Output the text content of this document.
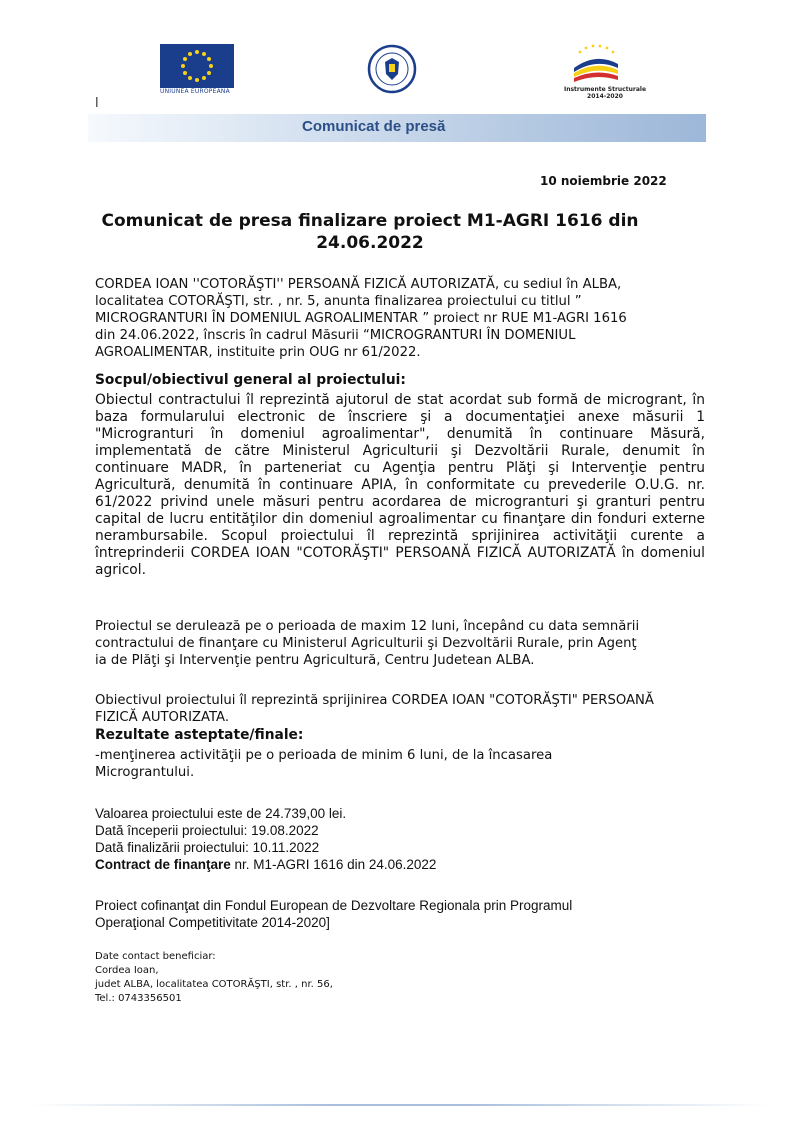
UNIUNEA EUROPEANĂ	Instrumente Structurale
2014-2020
l
Comunicat de presă
10 noiembrie 2022
Comunicat de presa finalizare proiect M1-AGRI 1616 din 24.06.2022
CORDEA IOAN ''COTORĂŞTI'' PERSOANĂ FIZICĂ AUTORIZATĂ, cu sediul în ALBA,
localitatea COTORĂŞTI, str. , nr. 5, anunta finalizarea proiectului cu titlul ”
MICROGRANTURI ÎN DOMENIUL AGROALIMENTAR ” proiect nr RUE M1-AGRI 1616
din 24.06.2022, înscris în cadrul Măsurii “MICROGRANTURI ÎN DOMENIUL
AGROALIMENTAR, instituite prin OUG nr 61/2022.
Socpul/obiectivul general al proiectului:
Obiectul contractului îl reprezintă ajutorul de stat acordat sub formă de microgrant, în baza formularului electronic de înscriere şi a documentaţiei anexe măsurii 1 "Microgranturi în domeniul agroalimentar", denumită în continuare Măsură, implementată de către Ministerul Agriculturii şi Dezvoltării Rurale, denumit în continuare MADR, în parteneriat cu Agenţia pentru Plăţi şi Intervenţie pentru Agricultură, denumită în continuare APIA, în conformitate cu prevederile O.U.G. nr. 61/2022 privind unele măsuri pentru acordarea de microgranturi şi granturi pentru capital de lucru entităţilor din domeniul agroalimentar cu finanţare din fonduri externe nerambursabile. Scopul proiectului îl reprezintă sprijinirea activităţii curente a întreprinderii CORDEA IOAN "COTORĂŞTI" PERSOANĂ FIZICĂ AUTORIZATĂ în domeniul agricol.
Proiectul se derulează pe o perioada de maxim 12 luni, începând cu data semnării
contractului de finanţare cu Ministerul Agriculturii şi Dezvoltării Rurale, prin Agenţ
ia de Plăţi şi Intervenţie pentru Agricultură, Centru Judetean ALBA.
Obiectivul proiectului îl reprezintă sprijinirea CORDEA IOAN "COTORĂŞTI" PERSOANĂ
FIZICĂ AUTORIZATA.
Rezultate asteptate/finale:
-menţinerea activităţii pe o perioada de minim 6 luni, de la încasarea
Micrograntului.
Valoarea proiectului este de 24.739,00 lei.
Dată începerii proiectului: 19.08.2022
Dată finalizării proiectului: 10.11.2022
Contract de finanţare nr. M1-AGRI 1616 din 24.06.2022
Proiect cofinanţat din Fondul European de Dezvoltare Regionala prin Programul
Operaţional Competitivitate 2014-2020]
Date contact beneficiar:
Cordea Ioan,
judet ALBA, localitatea COTORĂŞTI, str. , nr. 56,
Tel.: 0743356501
